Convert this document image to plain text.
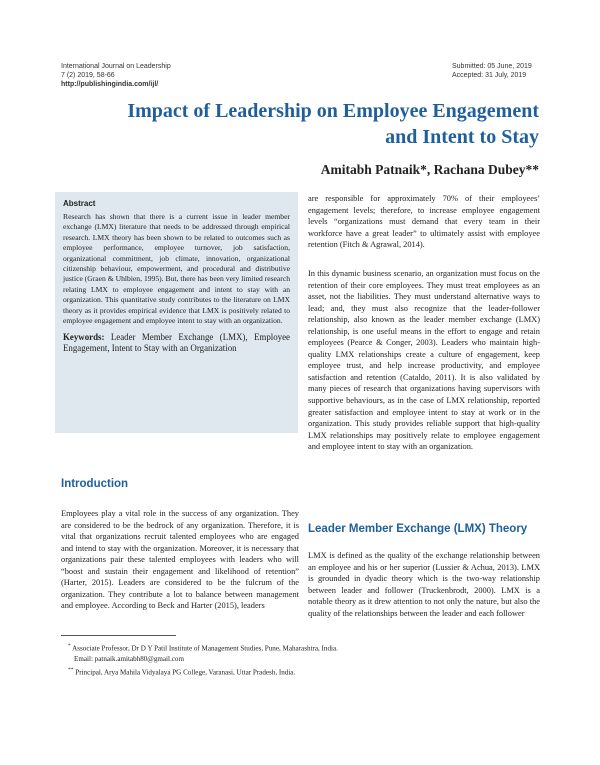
International Journal on Leadership
7 (2) 2019, 58-66
http://publishingindia.com/ijl/
Submitted: 05 June, 2019
Accepted: 31 July, 2019
Impact of Leadership on Employee Engagement
and Intent to Stay
Amitabh Patnaik*, Rachana Dubey**
Abstract

Research has shown that there is a current issue in leader member exchange (LMX) literature that needs to be addressed through empirical research. LMX theory has been shown to be related to outcomes such as employee performance, employee turnover, job satisfaction, organizational commitment, job climate, innovation, organizational citizenship behaviour, empowerment, and procedural and distributive justice (Graen & Uhlbien, 1995). But, there has been very limited research relating LMX to employee engagement and intent to stay with an organization. This quantitative study contributes to the literature on LMX theory as it provides empirical evidence that LMX is positively related to employee engagement and employee intent to stay with an organization.

Keywords: Leader Member Exchange (LMX), Employee Engagement, Intent to Stay with an Organization

Introduction

Employees play a vital role in the success of any organization. They are considered to be the bedrock of any organization. Therefore, it is vital that organizations recruit talented employees who are engaged and intend to stay with the organization. Moreover, it is necessary that organizations pair these talented employees with leaders who will “boost and sustain their engagement and likelihood of retention” (Harter, 2015). Leaders are considered to be the fulcrum of the organization. They contribute a lot to balance between management and employee. According to Beck and Harter (2015), leaders

are responsible for approximately 70% of their employees’ engagement levels; therefore, to increase employee engagement levels “organizations must demand that every team in their workforce have a great leader” to ultimately assist with employee retention (Fitch & Agrawal, 2014).

In this dynamic business scenario, an organization must focus on the retention of their core employees. They must treat employees as an asset, not the liabilities. They must understand alternative ways to lead; and, they must also recognize that the leader-follower relationship, also known as the leader member exchange (LMX) relationship, is one useful means in the effort to engage and retain employees (Pearce & Conger, 2003). Leaders who maintain high-quality LMX relationships create a culture of engagement, keep employee trust, and help increase productivity, and employee satisfaction and retention (Cataldo, 2011). It is also validated by many pieces of research that organizations having supervisors with supportive behaviours, as in the case of LMX relationship, reported greater satisfaction and employee intent to stay at work or in the organization. This study provides reliable support that high-quality LMX relationships may positively relate to employee engagement and employee intent to stay with an organization.

Leader Member Exchange (LMX) Theory

LMX is defined as the quality of the exchange relationship between an employee and his or her superior (Lussier & Achua, 2013). LMX is grounded in dyadic theory which is the two-way relationship between leader and follower (Truckenbrodt, 2000). LMX is a notable theory as it drew attention to not only the nature, but also the quality of the relationships between the leader and each follower

* Associate Professor, Dr D Y Patil Institute of Management Studies, Pune, Maharashtra, India.
Email: patnaik.amitabh80@gmail.com
** Principal, Arya Mahila Vidyalaya PG College, Varanasi, Uttar Pradesh, India.
